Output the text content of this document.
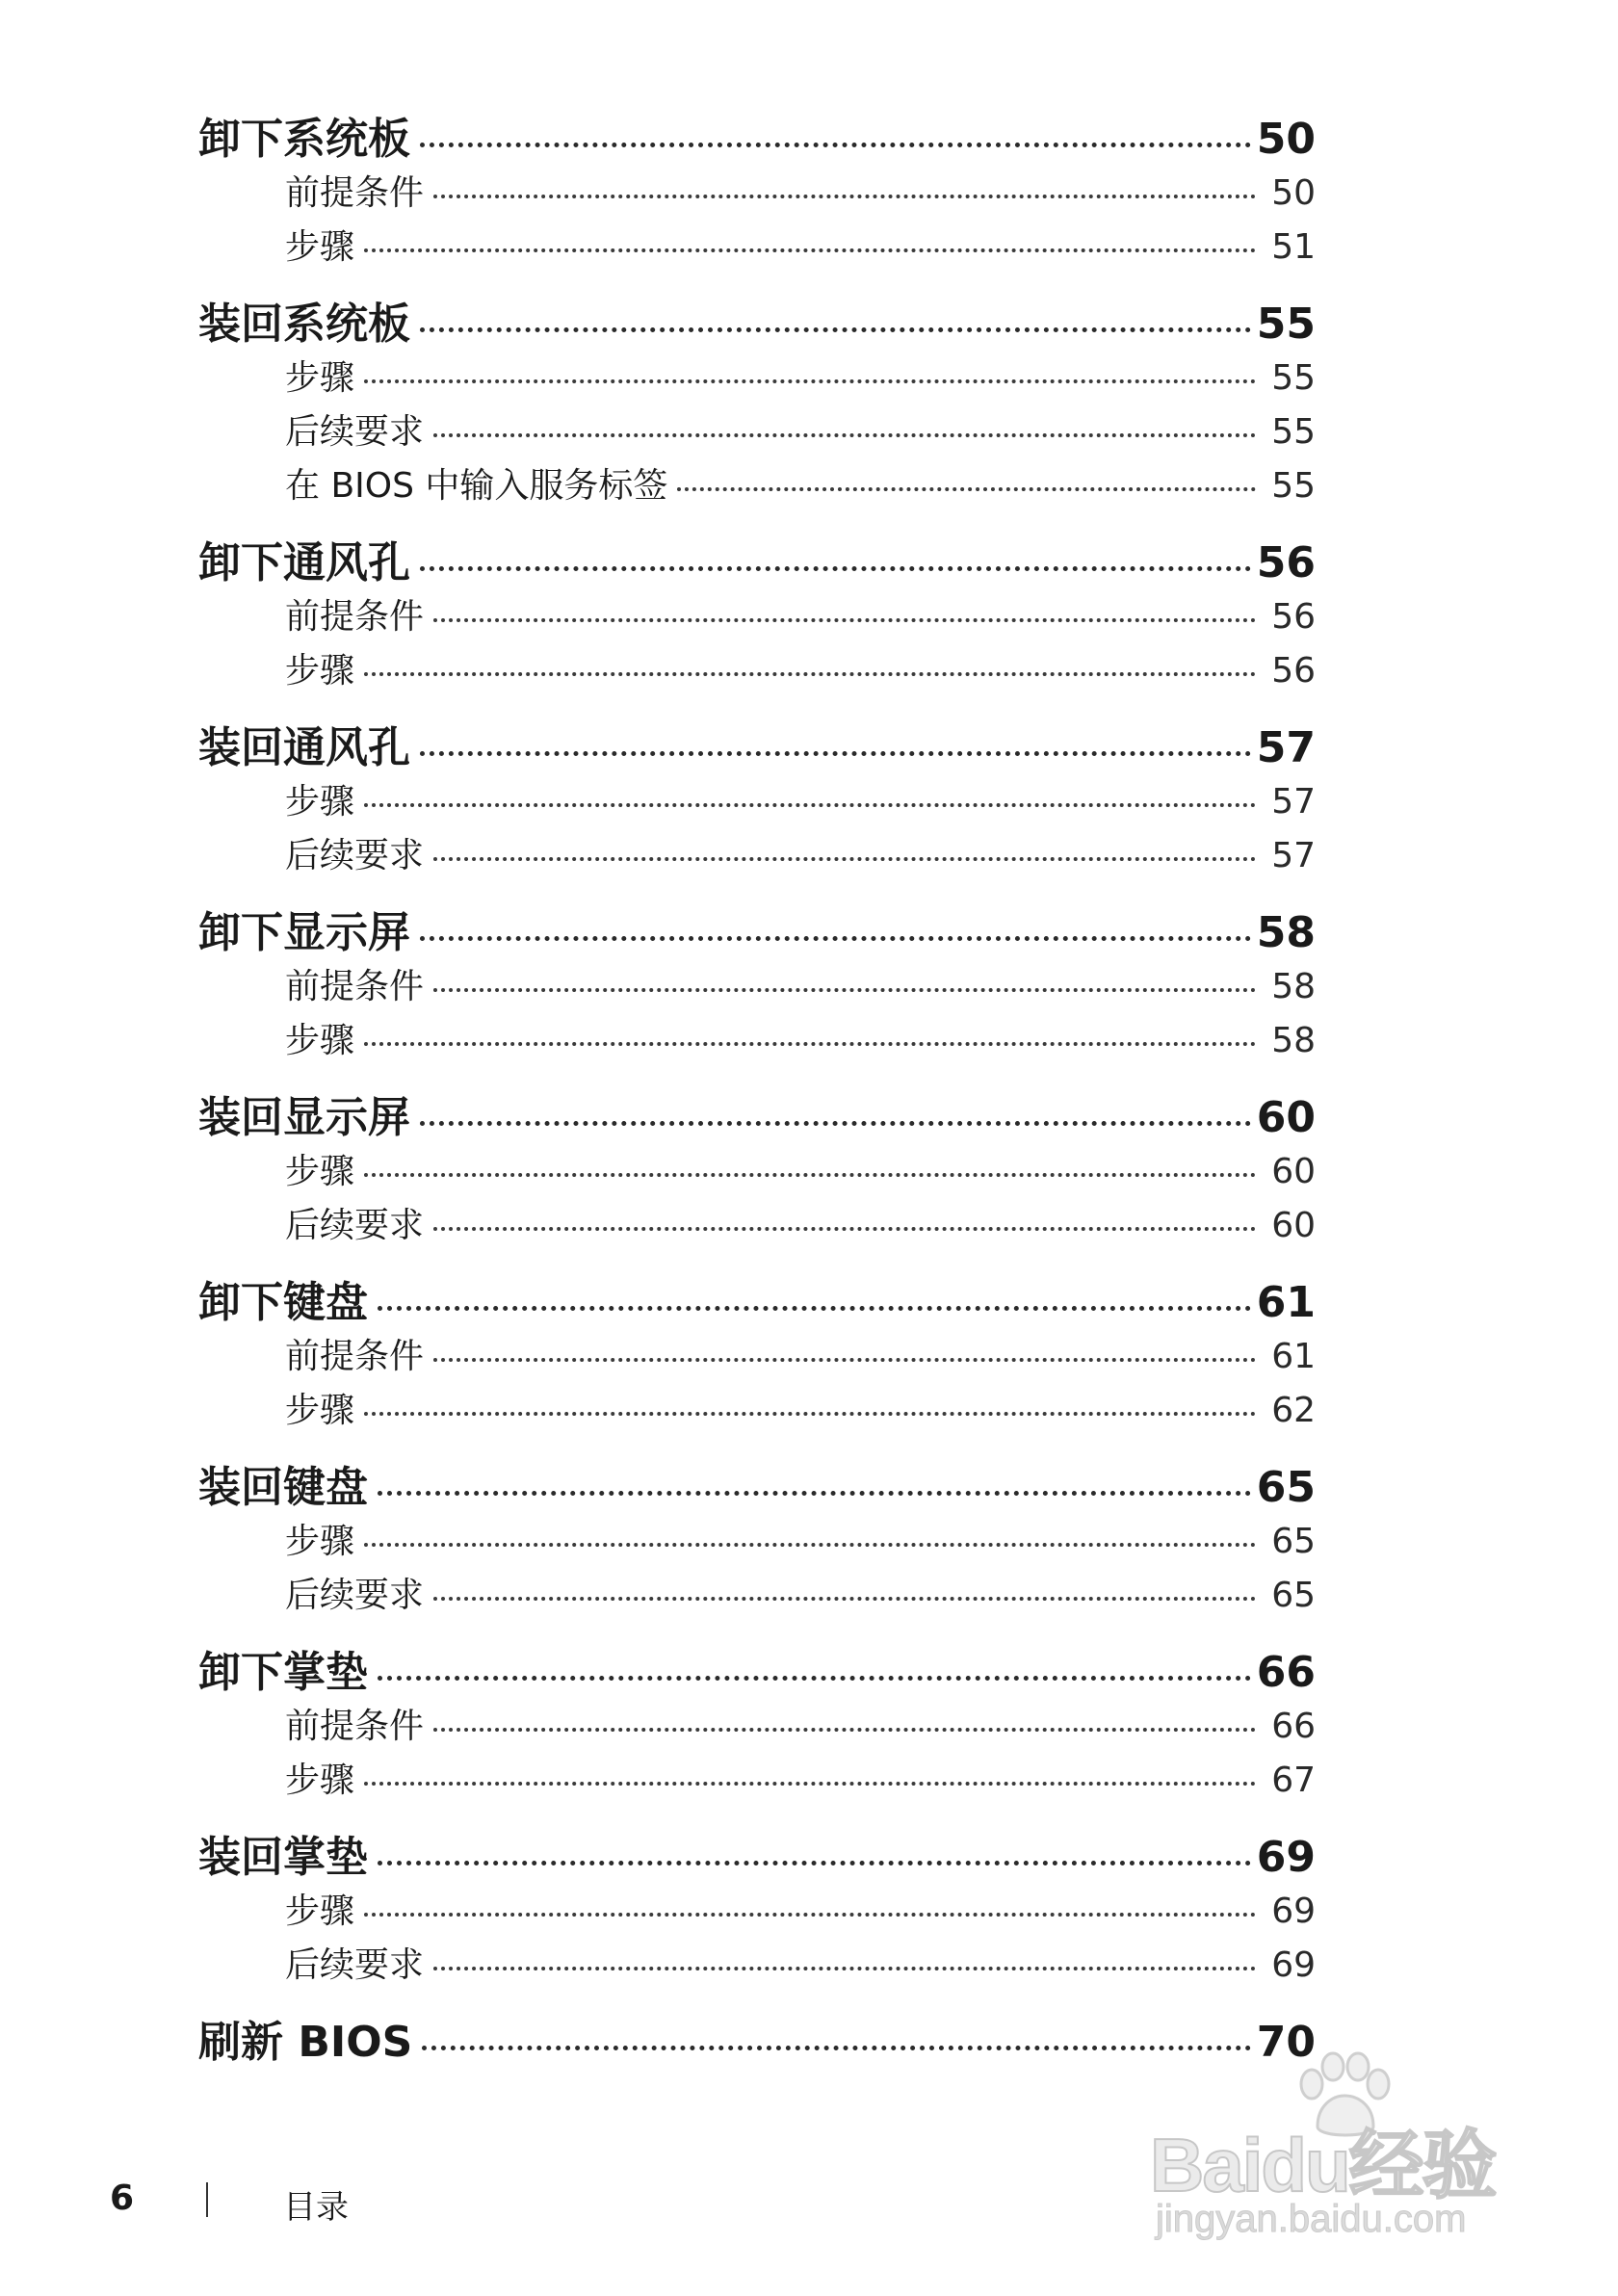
卸下系统板	50
前提条件	50
步骤	51
装回系统板	55
步骤	55
后续要求	55
在 BIOS 中输入服务标签	55
卸下通风孔	56
前提条件	56
步骤	56
装回通风孔	57
步骤	57
后续要求	57
卸下显示屏	58
前提条件	58
步骤	58
装回显示屏	60
步骤	60
后续要求	60
卸下键盘	61
前提条件	61
步骤	62
装回键盘	65
步骤	65
后续要求	65
卸下掌垫	66
前提条件	66
步骤	67
装回掌垫	69
步骤	69
后续要求	69
刷新 BIOS	70
6	目录	Baidu经验
jingyan.baidu.com
